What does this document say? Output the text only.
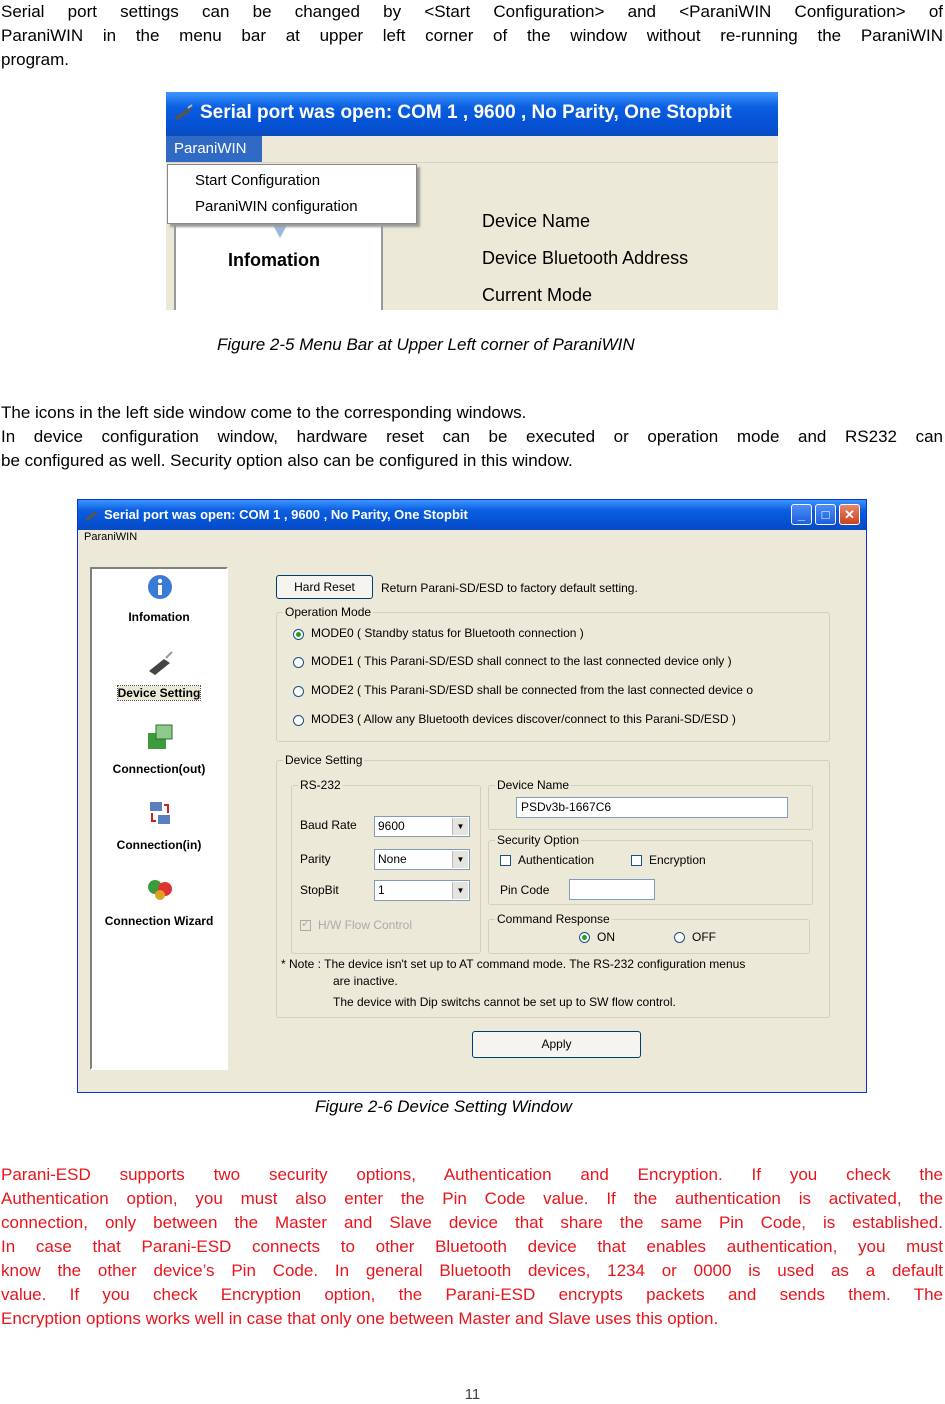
Serial port settings can be changed by <Start Configuration> and <ParaniWIN Configuration> of
ParaniWIN in the menu bar at upper left corner of the window without re-running the ParaniWIN
program.
Serial port was open: COM 1 , 9600 , No Parity, One Stopbit
ParaniWIN
Infomation
Start Configuration
ParaniWIN configuration
Device Name
Device Bluetooth Address
Current Mode
Figure 2-5 Menu Bar at Upper Left corner of ParaniWIN
The icons in the left side window come to the corresponding windows.
In device configuration window, hardware reset can be executed or operation mode and RS232 can
be configured as well. Security option also can be configured in this window.
Serial port was open: COM 1 , 9600 , No Parity, One Stopbit	_	□	✕
ParaniWIN
Infomation
Device Setting
Connection(out)
Connection(in)
Connection Wizard
Hard Reset	Return Parani-SD/ESD to factory default setting.
Operation Mode
MODE0 ( Standby status for Bluetooth connection )
MODE1 ( This Parani-SD/ESD shall connect to the last connected device only )
MODE2 ( This Parani-SD/ESD shall be connected from the last connected device o
MODE3 ( Allow any Bluetooth devices discover/connect to this Parani-SD/ESD )
Device Setting
RS-232
Baud Rate	9600	▼
Parity	None	▼
StopBit	1	▼
✓
H/W Flow Control
Device Name
PSDv3b-1667C6
Security Option
Authentication	Encryption
Pin Code
Command Response
ON	OFF
* Note : The device isn't set up to AT command mode. The RS-232 configuration menus
are inactive.
The device with Dip switchs cannot be set up to SW flow control.
Apply
Figure 2-6 Device Setting Window
Parani-ESD supports two security options, Authentication and Encryption. If you check the
Authentication option, you must also enter the Pin Code value. If the authentication is activated, the
connection, only between the Master and Slave device that share the same Pin Code, is established.
In case that Parani-ESD connects to other Bluetooth device that enables authentication, you must
know the other device’s Pin Code. In general Bluetooth devices, 1234 or 0000 is used as a default
value. If you check Encryption option, the Parani-ESD encrypts packets and sends them. The
Encryption options works well in case that only one between Master and Slave uses this option.
11
